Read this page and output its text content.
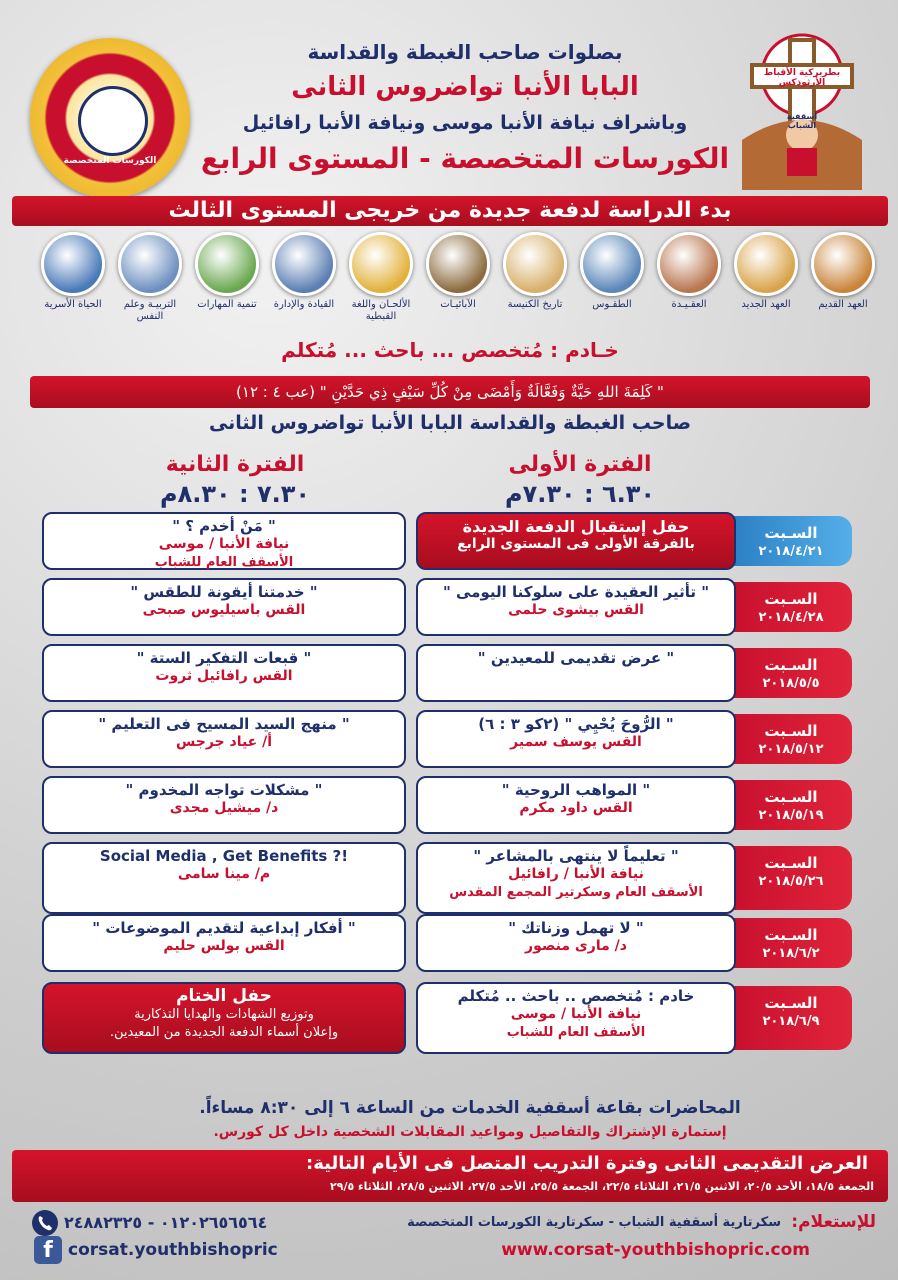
الكورسات المتخصصة
بطريركية الأقباط الأرثوذكس
أسقفية الشباب
بصلوات صاحب الغبطة والقداسة
البابا الأنبا تواضروس الثانى
وباشراف نيافة الأنبا موسى ونيافة الأنبا رافائيل
الكورسات المتخصصة - المستوى الرابع
بدء الدراسة لدفعة جديدة من خريجى المستوى الثالث
العهد القديم
العهد الجديد
العقـيـدة
الطقـوس
تاريخ الكنيسة
الآبائيـات
الألحـان واللغة القبطية
القيادة والإدارة
تنمية المهارات
التربيـة وعلم النفس
الحياة الأسرية
خـادم : مُتخصص ... باحث ... مُتكلم
" كَلِمَةَ اللهِ حَيَّةٌ وَفَعَّالَةٌ وَأَمْضَى مِنْ كُلِّ سَيْفٍ ذِي حَدَّيْنِ " (عب ٤ : ١٢)
صاحب الغبطة والقداسة البابا الأنبا تواضروس الثانى
الفترة الأولى
٦.٣٠ : ٧.٣٠م
الفترة الثانية
٧.٣٠ : ٨.٣٠م
السـبت
٢٠١٨/٤/٢١
حفل إستقبال الدفعة الجديدة
بالفرقة الأولى فى المستوى الرابع
" مَنْ أخدم ؟ "
نيافة الأنبا / موسى
الأسقف العام للشباب
السـبت
٢٠١٨/٤/٢٨
" تأثير العقيدة على سلوكنا اليومى "
القس بيشوى حلمى
" خدمتنا أيقونة للطقس "
القس باسيليوس صبحى
السـبت
٢٠١٨/٥/٥
" عرض تقديمى للمعيدين "
" قبعات التفكير الستة "
القس رافائيل ثروت
السـبت
٢٠١٨/٥/١٢
" الرُّوحَ يُحْيِي " (٢كو ٣ : ٦)
القس يوسف سمير
" منهج السيد المسيح فى التعليم "
أ/ عياد جرجس
السـبت
٢٠١٨/٥/١٩
" المواهب الروحية "
القس داود مكرم
" مشكلات تواجه المخدوم "
د/ ميشيل مجدى
السـبت
٢٠١٨/٥/٢٦
" تعليماً لا ينتهى بالمشاعر "
نيافة الأنبا / رافائيل
الأسقف العام وسكرتير المجمع المقدس
Social Media , Get Benefits ?!
م/ مينا سامى
السـبت
٢٠١٨/٦/٢
" لا تهمل وزناتك "
د/ مارى منصور
" أفكار إبداعية لتقديم الموضوعات "
القس بولس حليم
السـبت
٢٠١٨/٦/٩
خادم : مُتخصص .. باحث .. مُتكلم
نيافة الأنبا / موسى
الأسقف العام للشباب
حفل الختام
وتوزيع الشهادات والهدايا التذكارية
وإعلان أسماء الدفعة الجديدة من المعيدين.
المحاضرات بقاعة أسقفية الخدمات من الساعة ٦ إلى ٨:٣٠ مساءاً.
إستمارة الإشتراك والتفاصيل ومواعيد المقابلات الشخصية داخل كل كورس.
العرض التقديمى الثانى وفترة التدريب المتصل فى الأيام التالية:
الجمعة ١٨/٥، الأحد ٢٠/٥، الاثنين ٢١/٥، الثلاثاء ٢٢/٥، الجمعة ٢٥/٥، الأحد ٢٧/٥، الاثنين ٢٨/٥، الثلاثاء ٢٩/٥
للإستعلام:
سكرتارية أسقفية الشباب - سكرتارية الكورسات المتخصصة
٠١٢٠٢٦٥٦٥٦٤ - ٢٤٨٨٢٣٢٥
www.corsat-youthbishopric.com
corsat.youthbishopric
f
